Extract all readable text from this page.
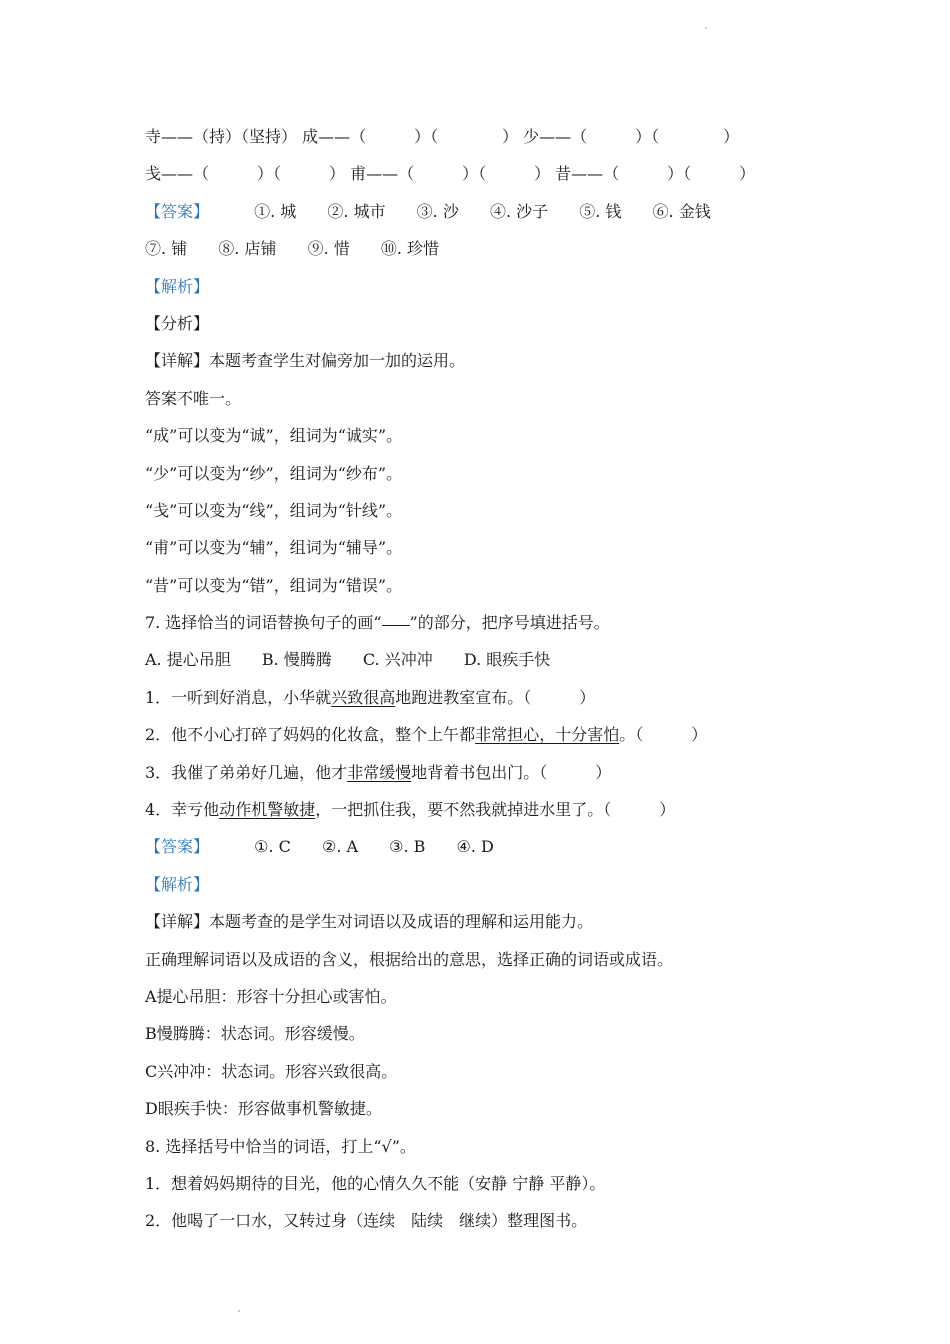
寺——（持）（坚持） 成——（　　　）（　　　　） 少——（　　　）（　　　　）
戋——（　　　）（　　　） 甫——（　　　）（　　　） 昔——（　　　）（　　　）
【答案】	①. 城 ②. 城市 ③. 沙 ④. 沙子 ⑤. 钱 ⑥. 金钱
⑦. 铺 ⑧. 店铺 ⑨. 惜 ⑩. 珍惜
【解析】
【分析】
【详解】本题考查学生对偏旁加一加的运用。
答案不唯一。
“成”可以变为“诚”，组词为“诚实”。
“少”可以变为“纱”，组词为“纱布”。
“戋”可以变为“线”，组词为“针线”。
“甫”可以变为“辅”，组词为“辅导”。
“昔”可以变为“错”，组词为“错误”。
7. 选择恰当的词语替换句子的画“ ”的部分，把序号填进括号。
A. 提心吊胆 B. 慢腾腾 C. 兴冲冲 D. 眼疾手快
1．一听到好消息，小华就兴致很高地跑进教室宣布。（　　　）
2．他不小心打碎了妈妈的化妆盒，整个上午都非常担心，十分害怕。（　　　）
3．我催了弟弟好几遍，他才非常缓慢地背着书包出门。（　　　）
4．幸亏他动作机警敏捷，一把抓住我，要不然我就掉进水里了。（　　　）
【答案】	①. C ②. A ③. B ④. D
【解析】
【详解】本题考查的是学生对词语以及成语的理解和运用能力。
正确理解词语以及成语的含义，根据给出的意思，选择正确的词语或成语。
A提心吊胆：形容十分担心或害怕。
B慢腾腾：状态词。形容缓慢。
C兴冲冲：状态词。形容兴致很高。
D眼疾手快：形容做事机警敏捷。
8. 选择括号中恰当的词语，打上“√”。
1．想着妈妈期待的目光，他的心情久久不能（安静 宁静 平静）。
2．他喝了一口水，又转过身（连续　陆续　继续）整理图书。
